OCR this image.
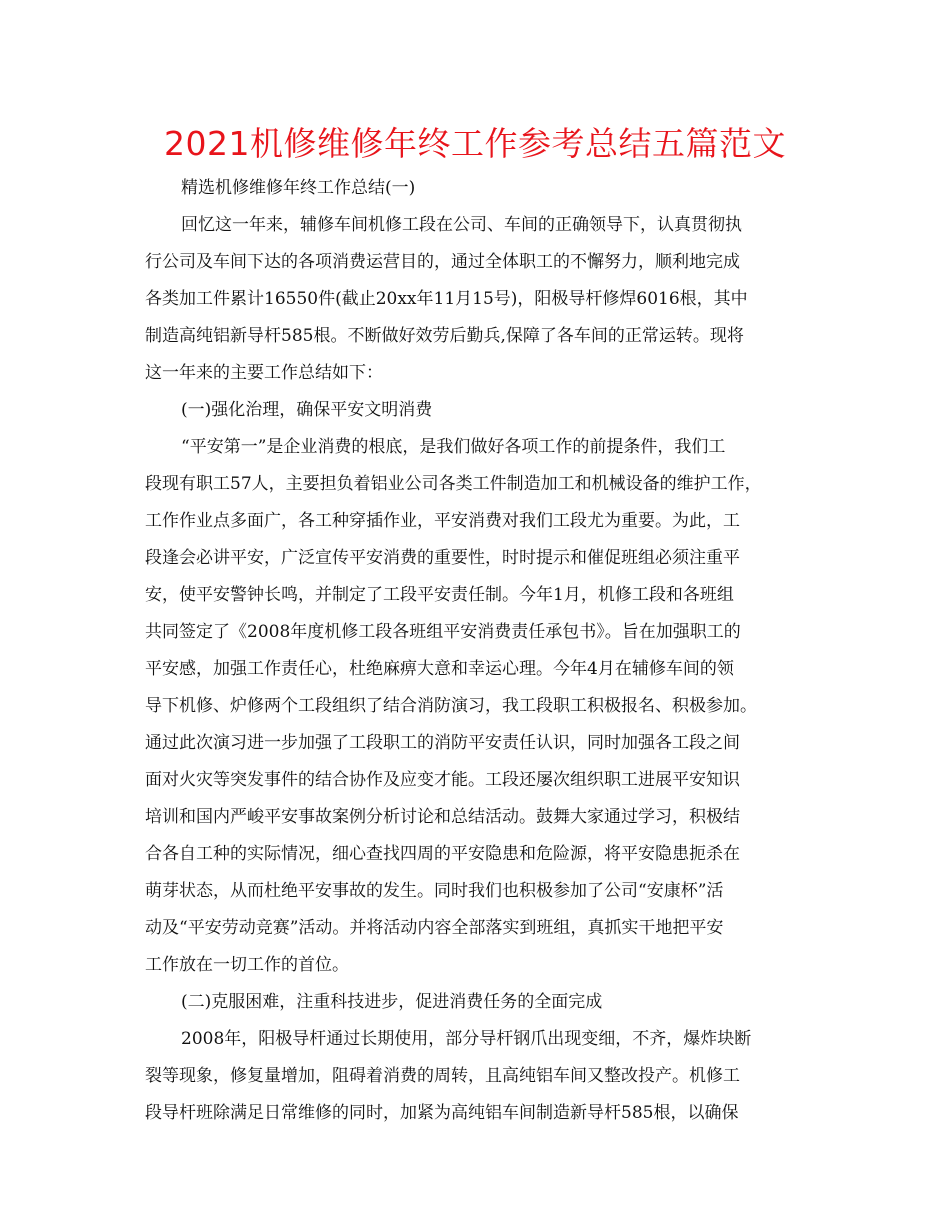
2021机修维修年终工作参考总结五篇范文
精选机修维修年终工作总结(一)
回忆这一年来，辅修车间机修工段在公司、车间的正确领导下，认真贯彻执
行公司及车间下达的各项消费运营目的，通过全体职工的不懈努力，顺利地完成
各类加工件累计16550件(截止20xx年11月15号)，阳极导杆修焊6016根，其中
制造高纯铝新导杆585根。不断做好效劳后勤兵,保障了各车间的正常运转。现将
这一年来的主要工作总结如下：
(一)强化治理，确保平安文明消费
“平安第一”是企业消费的根底，是我们做好各项工作的前提条件，我们工
段现有职工57人，主要担负着铝业公司各类工件制造加工和机械设备的维护工作，
工作作业点多面广，各工种穿插作业，平安消费对我们工段尤为重要。为此，工
段逢会必讲平安，广泛宣传平安消费的重要性，时时提示和催促班组必须注重平
安，使平安警钟长鸣，并制定了工段平安责任制。今年1月，机修工段和各班组
共同签定了《2008年度机修工段各班组平安消费责任承包书》。旨在加强职工的
平安感，加强工作责任心，杜绝麻痹大意和幸运心理。今年4月在辅修车间的领
导下机修、炉修两个工段组织了结合消防演习，我工段职工积极报名、积极参加。
通过此次演习进一步加强了工段职工的消防平安责任认识，同时加强各工段之间
面对火灾等突发事件的结合协作及应变才能。工段还屡次组织职工进展平安知识
培训和国内严峻平安事故案例分析讨论和总结活动。鼓舞大家通过学习，积极结
合各自工种的实际情况，细心查找四周的平安隐患和危险源，将平安隐患扼杀在
萌芽状态，从而杜绝平安事故的发生。同时我们也积极参加了公司“安康杯”活
动及“平安劳动竞赛”活动。并将活动内容全部落实到班组，真抓实干地把平安
工作放在一切工作的首位。
(二)克服困难，注重科技进步，促进消费任务的全面完成
2008年，阳极导杆通过长期使用，部分导杆钢爪出现变细，不齐，爆炸块断
裂等现象，修复量增加，阻碍着消费的周转，且高纯铝车间又整改投产。机修工
段导杆班除满足日常维修的同时，加紧为高纯铝车间制造新导杆585根，以确保
